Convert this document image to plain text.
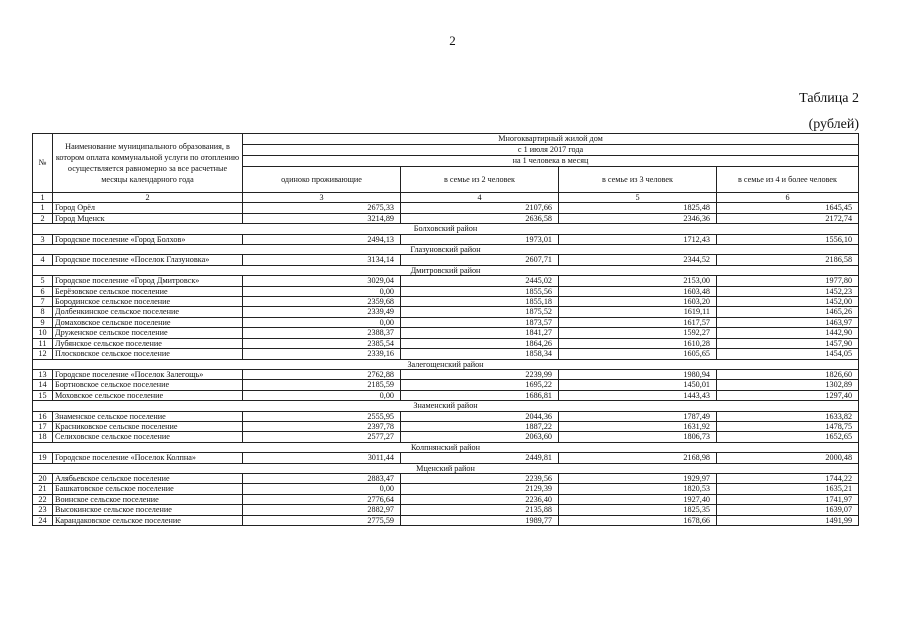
2
Таблица 2
(рублей)
№	Наименование муниципального образования, в котором оплата коммунальной услуги по отоплению осуществляется равномерно за все расчетные месяцы календарного года	Многоквартирный жилой дом			
		с 1 июля 2017 года			
		на 1 человека в месяц			
		одиноко проживающие	в семье из 2 человек	в семье из 3 человек	в семье из 4 и более человек
1	2	3	4	5	6
1	Город Орёл	2675,33	2107,66	1825,48	1645,45
2	Город Мценск	3214,89	2636,58	2346,36	2172,74
Болховский район					
3	Городское поселение «Город Болхов»	2494,13	1973,01	1712,43	1556,10
Глазуновский район					
4	Городское поселение «Поселок Глазуновка»	3134,14	2607,71	2344,52	2186,58
Дмитровский район					
5	Городское поселение «Город Дмитровск»	3029,04	2445,02	2153,00	1977,80
6	Берёзовское сельское поселение	0,00	1855,56	1603,48	1452,23
7	Бородинское сельское поселение	2359,68	1855,18	1603,20	1452,00
8	Долбенкинское сельское поселение	2339,49	1875,52	1619,11	1465,26
9	Домаховское сельское поселение	0,00	1873,57	1617,57	1463,97
10	Друженское сельское поселение	2388,37	1841,27	1592,27	1442,90
11	Лубянское сельское поселение	2385,54	1864,26	1610,28	1457,90
12	Плосковское сельское поселение	2339,16	1858,34	1605,65	1454,05
Залегощенский район					
13	Городское поселение «Поселок Залегощь»	2762,88	2239,99	1980,94	1826,60
14	Бортновское сельское поселение	2185,59	1695,22	1450,01	1302,89
15	Моховское сельское поселение	0,00	1686,81	1443,43	1297,40
Знаменский район					
16	Знаменское сельское поселение	2555,95	2044,36	1787,49	1633,82
17	Красниковское сельское поселение	2397,78	1887,22	1631,92	1478,75
18	Селиховское сельское поселение	2577,27	2063,60	1806,73	1652,65
Колпнянский район					
19	Городское поселение «Поселок Колпна»	3011,44	2449,81	2168,98	2000,48
Мценский район					
20	Алябьевское сельское поселение	2883,47	2239,56	1929,97	1744,22
21	Башкатовское сельское поселение	0,00	2129,39	1820,53	1635,21
22	Воинское сельское поселение	2776,64	2236,40	1927,40	1741,97
23	Высокинское сельское поселение	2882,97	2135,88	1825,35	1639,07
24	Карандаковское сельское поселение	2775,59	1989,77	1678,66	1491,99
